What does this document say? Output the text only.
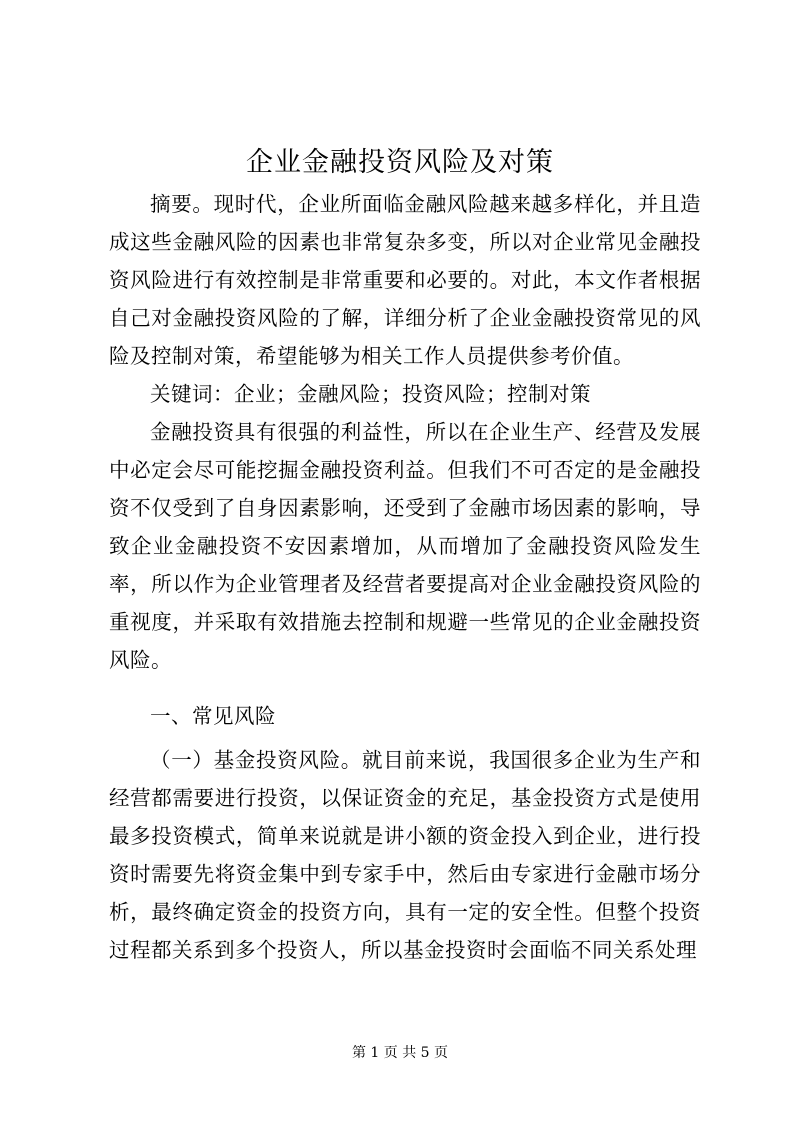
企业金融投资风险及对策

摘要。现时代，企业所面临金融风险越来越多样化，并且造成这些金融风险的因素也非常复杂多变，所以对企业常见金融投资风险进行有效控制是非常重要和必要的。对此，本文作者根据自己对金融投资风险的了解，详细分析了企业金融投资常见的风险及控制对策，希望能够为相关工作人员提供参考价值。

关键词：企业；金融风险；投资风险；控制对策

金融投资具有很强的利益性，所以在企业生产、经营及发展中必定会尽可能挖掘金融投资利益。但我们不可否定的是金融投资不仅受到了自身因素影响，还受到了金融市场因素的影响，导致企业金融投资不安因素增加，从而增加了金融投资风险发生率，所以作为企业管理者及经营者要提高对企业金融投资风险的重视度，并采取有效措施去控制和规避一些常见的企业金融投资风险。

一、常见风险

（一）基金投资风险。就目前来说，我国很多企业为生产和经营都需要进行投资，以保证资金的充足，基金投资方式是使用最多投资模式，简单来说就是讲小额的资金投入到企业，进行投资时需要先将资金集中到专家手中，然后由专家进行金融市场分析，最终确定资金的投资方向，具有一定的安全性。但整个投资过程都关系到多个投资人，所以基金投资时会面临不同关系处理

第 1 页 共 5 页
